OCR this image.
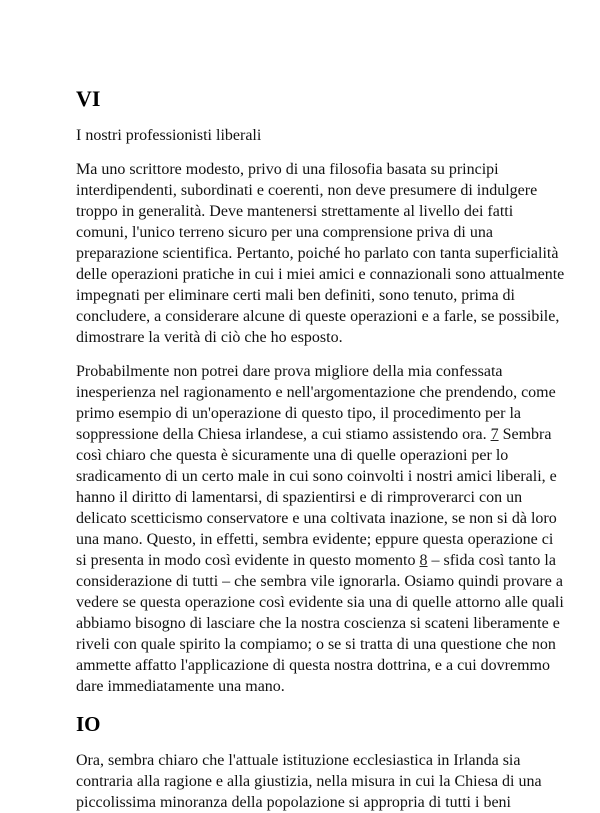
VI

I nostri professionisti liberali

Ma uno scrittore modesto, privo di una filosofia basata su principi
interdipendenti, subordinati e coerenti, non deve presumere di indulgere
troppo in generalità. Deve mantenersi strettamente al livello dei fatti
comuni, l'unico terreno sicuro per una comprensione priva di una
preparazione scientifica. Pertanto, poiché ho parlato con tanta superficialità
delle operazioni pratiche in cui i miei amici e connazionali sono attualmente
impegnati per eliminare certi mali ben definiti, sono tenuto, prima di
concludere, a considerare alcune di queste operazioni e a farle, se possibile,
dimostrare la verità di ciò che ho esposto.

Probabilmente non potrei dare prova migliore della mia confessata
inesperienza nel ragionamento e nell'argomentazione che prendendo, come
primo esempio di un'operazione di questo tipo, il procedimento per la
soppressione della Chiesa irlandese, a cui stiamo assistendo ora. 7 Sembra
così chiaro che questa è sicuramente una di quelle operazioni per lo
sradicamento di un certo male in cui sono coinvolti i nostri amici liberali, e
hanno il diritto di lamentarsi, di spazientirsi e di rimproverarci con un
delicato scetticismo conservatore e una coltivata inazione, se non si dà loro
una mano. Questo, in effetti, sembra evidente; eppure questa operazione ci
si presenta in modo così evidente in questo momento 8 – sfida così tanto la
considerazione di tutti – che sembra vile ignorarla. Osiamo quindi provare a
vedere se questa operazione così evidente sia una di quelle attorno alle quali
abbiamo bisogno di lasciare che la nostra coscienza si scateni liberamente e
riveli con quale spirito la compiamo; o se si tratta di una questione che non
ammette affatto l'applicazione di questa nostra dottrina, e a cui dovremmo
dare immediatamente una mano.

IO

Ora, sembra chiaro che l'attuale istituzione ecclesiastica in Irlanda sia
contraria alla ragione e alla giustizia, nella misura in cui la Chiesa di una
piccolissima minoranza della popolazione si appropria di tutti i beni
